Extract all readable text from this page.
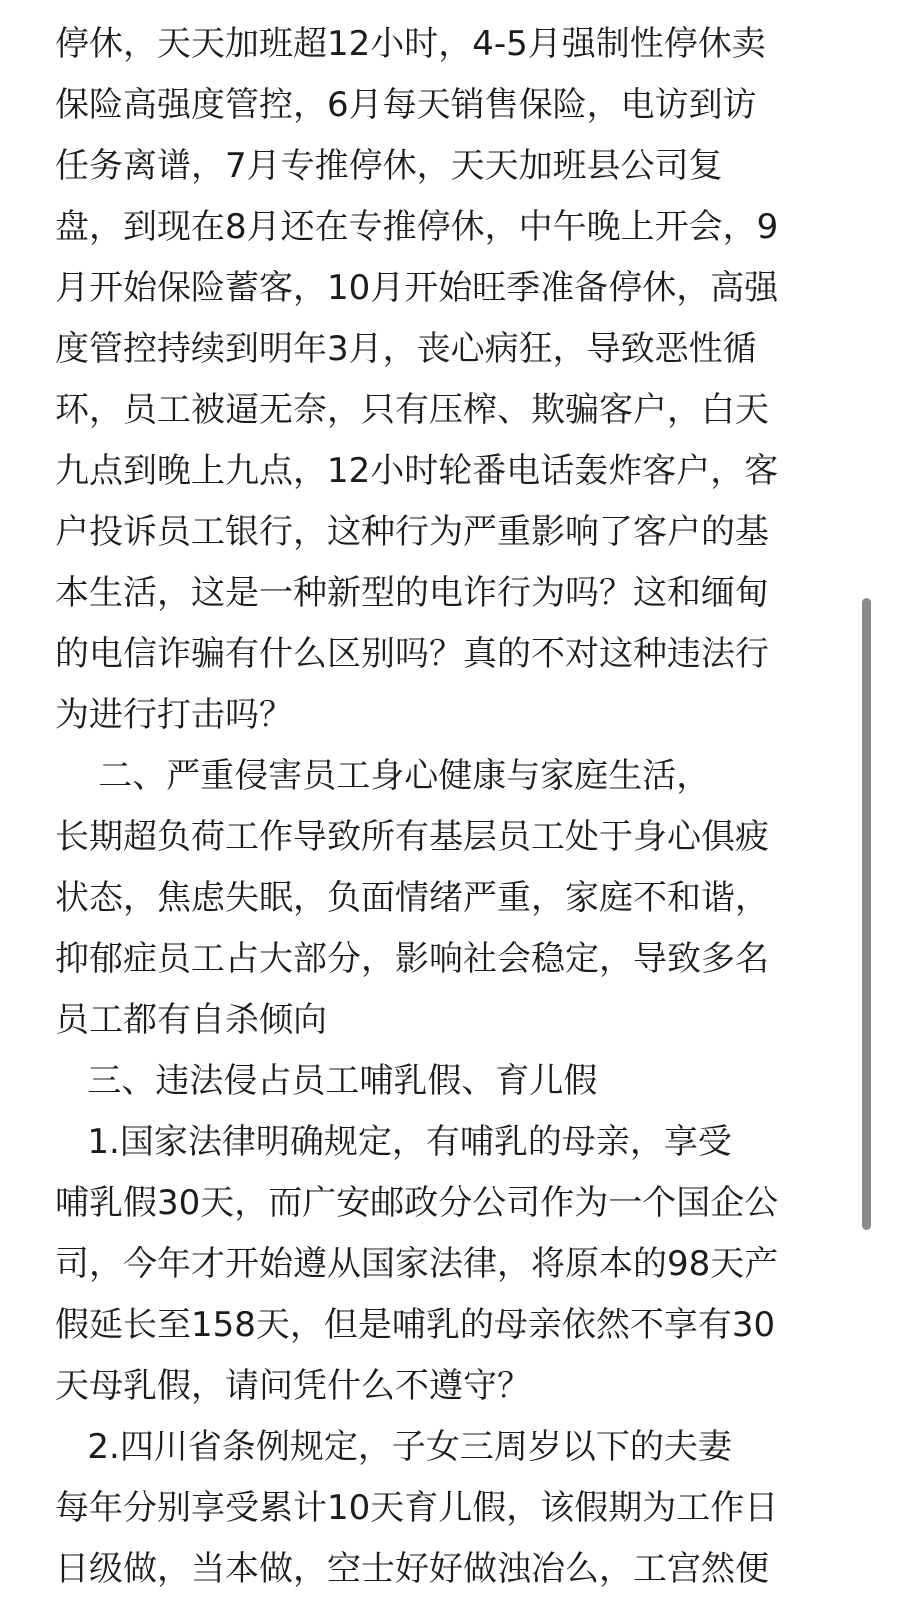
停休，天天加班超12小时，4-5月强制性停休卖
保险高强度管控，6月每天销售保险，电访到访
任务离谱，7月专推停休，天天加班县公司复
盘，到现在8月还在专推停休，中午晚上开会，9
月开始保险蓄客，10月开始旺季准备停休，高强
度管控持续到明年3月，丧心病狂，导致恶性循
环，员工被逼无奈，只有压榨、欺骗客户，白天
九点到晚上九点，12小时轮番电话轰炸客户，客
户投诉员工银行，这种行为严重影响了客户的基
本生活，这是一种新型的电诈行为吗？这和缅甸
的电信诈骗有什么区别吗？真的不对这种违法行
为进行打击吗？
二、严重侵害员工身心健康与家庭生活，
长期超负荷工作导致所有基层员工处于身心俱疲
状态，焦虑失眠，负面情绪严重，家庭不和谐，
抑郁症员工占大部分，影响社会稳定，导致多名
员工都有自杀倾向
三、违法侵占员工哺乳假、育儿假
1.国家法律明确规定，有哺乳的母亲，享受
哺乳假30天，而广安邮政分公司作为一个国企公
司，今年才开始遵从国家法律，将原本的98天产
假延长至158天，但是哺乳的母亲依然不享有30
天母乳假，请问凭什么不遵守？
2.四川省条例规定，子女三周岁以下的夫妻
每年分别享受累计10天育儿假，该假期为工作日
日级做，当本做，空士好好做浊冶么，工宫然便
